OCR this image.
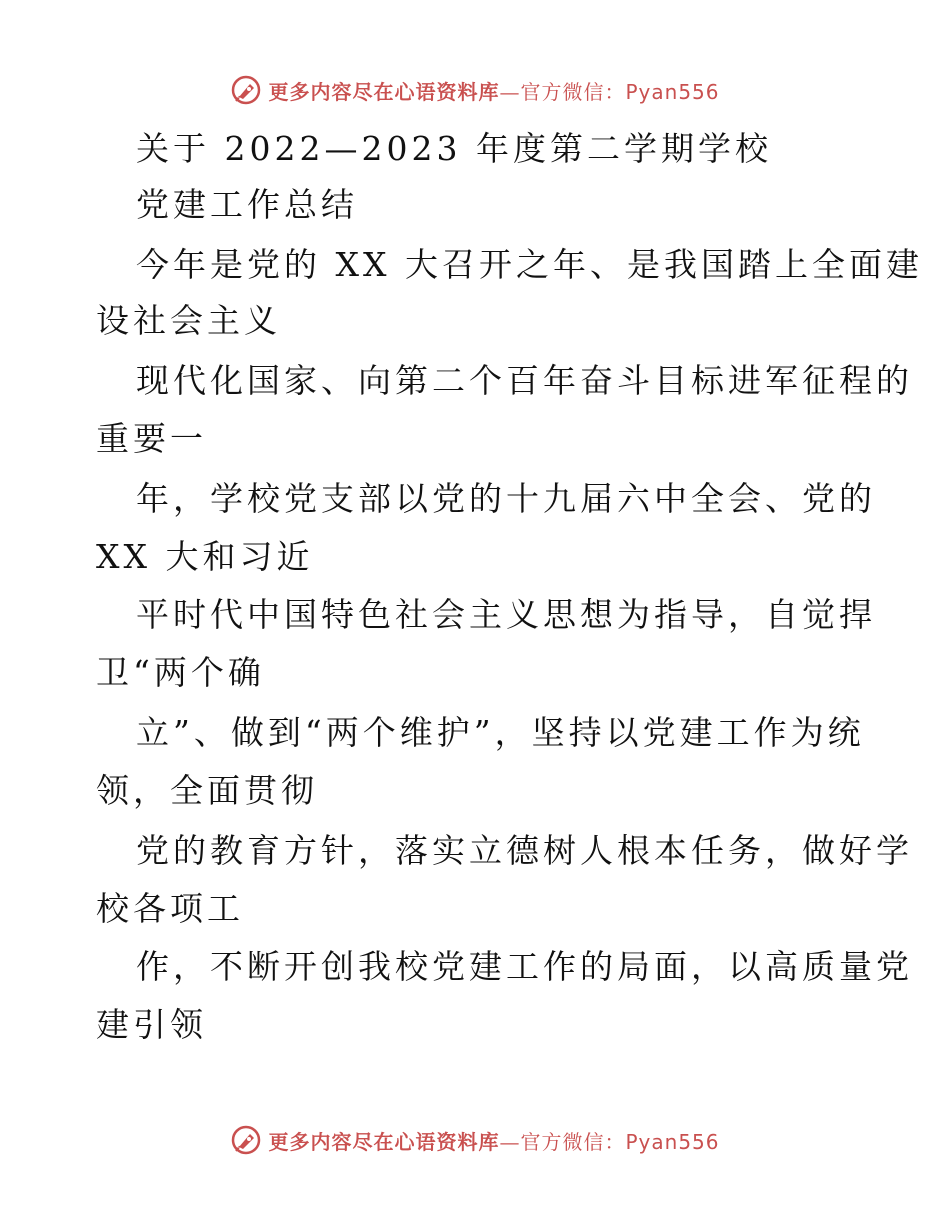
更多内容尽在心语资料库—官方微信：Pyan556
关于 2022—2023 年度第二学期学校
党建工作总结
今年是党的 XX 大召开之年、是我国踏上全面建
设社会主义
现代化国家、向第二个百年奋斗目标进军征程的
重要一
年，学校党支部以党的十九届六中全会、党的
XX 大和习近
平时代中国特色社会主义思想为指导，自觉捍
卫“两个确
立”、做到“两个维护”，坚持以党建工作为统
领，全面贯彻
党的教育方针，落实立德树人根本任务，做好学
校各项工
作，不断开创我校党建工作的局面，以高质量党
建引领
更多内容尽在心语资料库—官方微信：Pyan556
